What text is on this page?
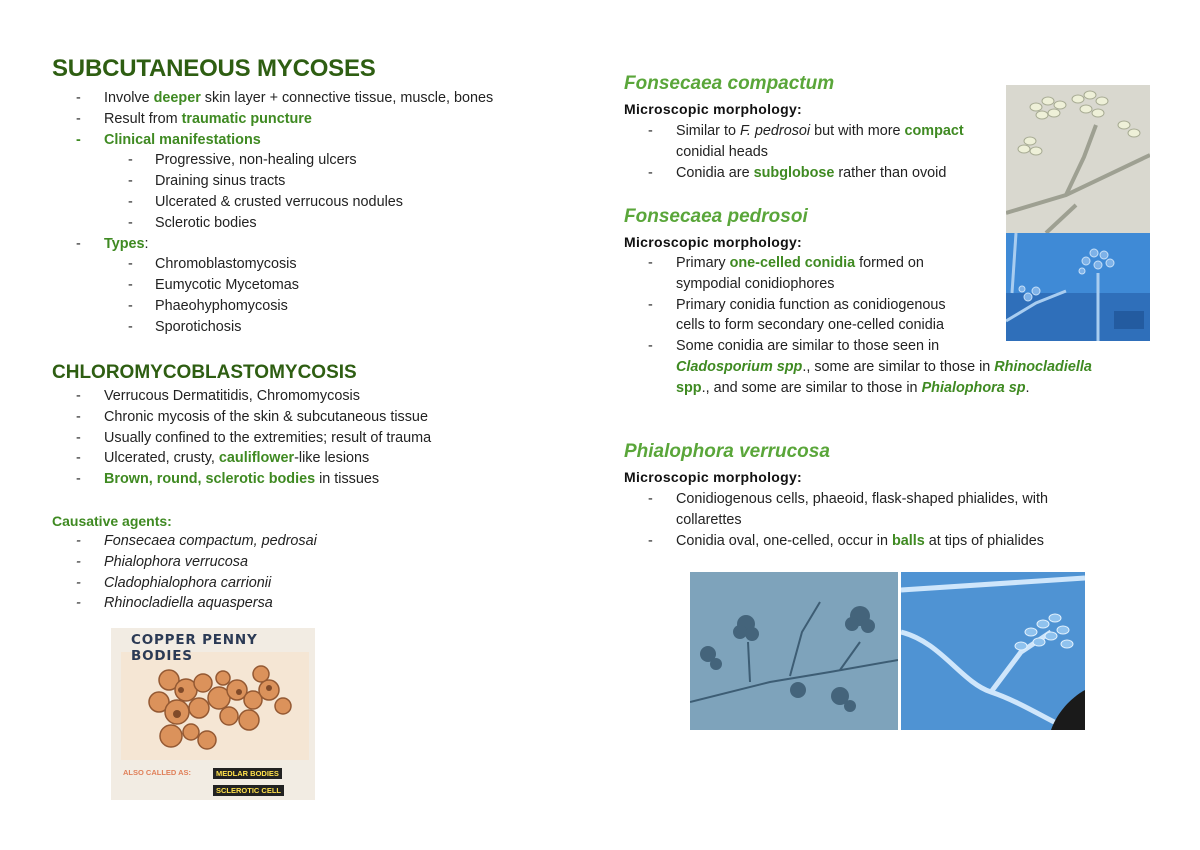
SUBCUTANEOUS MYCOSES
- Involve deeper skin layer + connective tissue, muscle, bones
- Result from traumatic puncture
- Clinical manifestations
- Progressive, non-healing ulcers
- Draining sinus tracts
- Ulcerated & crusted verrucous nodules
- Sclerotic bodies
- Types:
- Chromoblastomycosis
- Eumycotic Mycetomas
- Phaeohyphomycosis
- Sporotichosis
CHLOROMYCOBLASTOMYCOSIS
- Verrucous Dermatitidis, Chromomycosis
- Chronic mycosis of the skin & subcutaneous tissue
- Usually confined to the extremities; result of trauma
- Ulcerated, crusty, cauliflower-like lesions
- Brown, round, sclerotic bodies in tissues
Causative agents:
- Fonsecaea compactum, pedrosai
- Phialophora verrucosa
- Cladophialophora carrionii
- Rhinocladiella aquaspersa
COPPER PENNY BODIES
ALSO CALLED AS:	MEDLAR BODIES
SCLEROTIC CELL
Fonsecaea compactum
Microscopic morphology:
- Similar to F. pedrosoi but with more compact
conidial heads
- Conidia are subglobose rather than ovoid
Fonsecaea pedrosoi
Microscopic morphology:
- Primary one-celled conidia formed on
sympodial conidiophores
- Primary conidia function as conidiogenous
cells to form secondary one-celled conidia
- Some conidia are similar to those seen in
Cladosporium spp., some are similar to those in Rhinocladiella
spp., and some are similar to those in Phialophora sp.
Phialophora verrucosa
Microscopic morphology:
- Conidiogenous cells, phaeoid, flask-shaped phialides, with
collarettes
- Conidia oval, one-celled, occur in balls at tips of phialides
